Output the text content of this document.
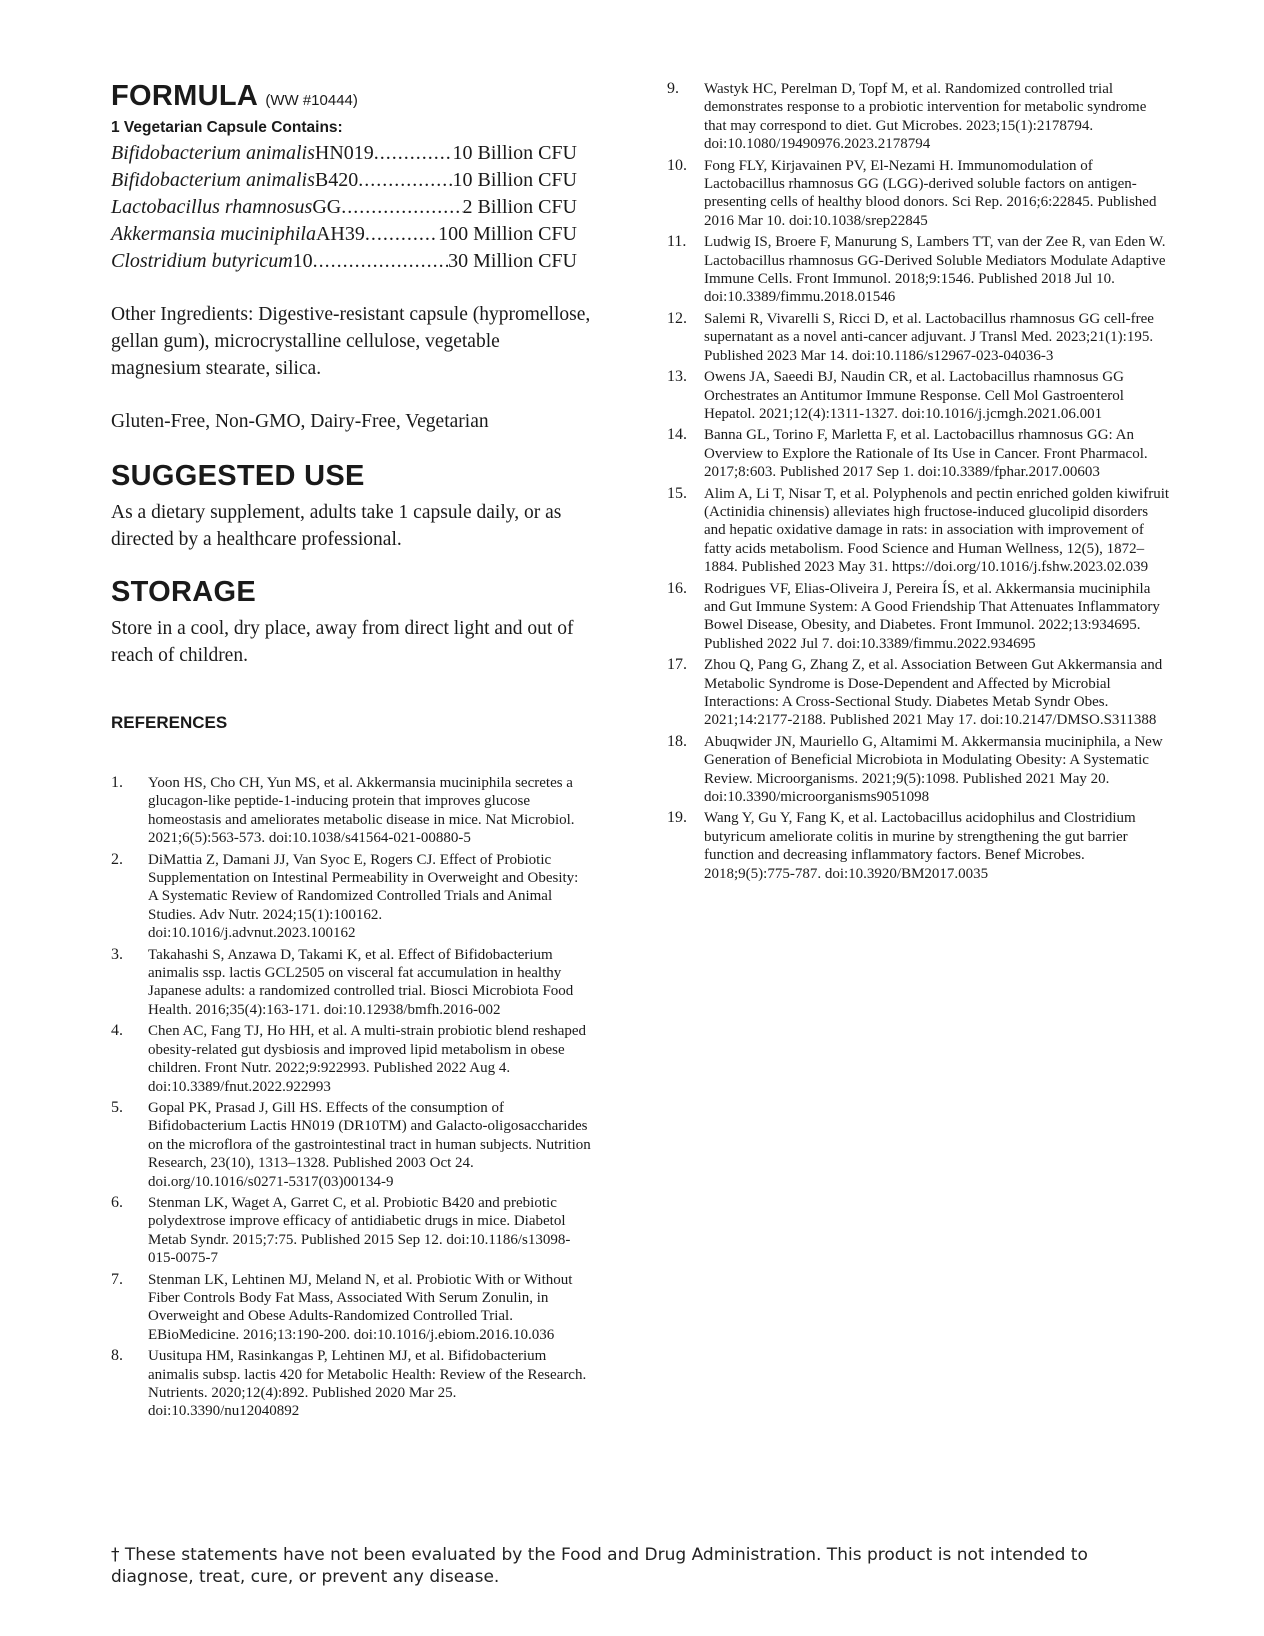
FORMULA (WW #10444)
1 Vegetarian Capsule Contains:
Bifidobacterium animalis HN019 .....	10 Billion CFU
Bifidobacterium animalis B420 .....	10 Billion CFU
Lactobacillus rhamnosus GG .....	2 Billion CFU
Akkermansia muciniphila AH39 .....	100 Million CFU
Clostridium butyricum 10 .....	30 Million CFU
Other Ingredients: Digestive-resistant capsule (hypromellose, gellan gum), microcrystalline cellulose, vegetable magnesium stearate, silica.
Gluten-Free, Non-GMO, Dairy-Free, Vegetarian
SUGGESTED USE
As a dietary supplement, adults take 1 capsule daily, or as directed by a healthcare professional.
STORAGE
Store in a cool, dry place, away from direct light and out of reach of children.
REFERENCES
1.	Yoon HS, Cho CH, Yun MS, et al. Akkermansia muciniphila secretes a glucagon-like peptide-1-inducing protein that improves glucose homeostasis and ameliorates metabolic disease in mice. Nat Microbiol. 2021;6(5):563-573. doi:10.1038/s41564-021-00880-5
2.	DiMattia Z, Damani JJ, Van Syoc E, Rogers CJ. Effect of Probiotic Supplementation on Intestinal Permeability in Overweight and Obesity: A Systematic Review of Randomized Controlled Trials and Animal Studies. Adv Nutr. 2024;15(1):100162. doi:10.1016/j.advnut.2023.100162
3.	Takahashi S, Anzawa D, Takami K, et al. Effect of Bifidobacterium animalis ssp. lactis GCL2505 on visceral fat accumulation in healthy Japanese adults: a randomized controlled trial. Biosci Microbiota Food Health. 2016;35(4):163-171. doi:10.12938/bmfh.2016-002
4.	Chen AC, Fang TJ, Ho HH, et al. A multi-strain probiotic blend reshaped obesity-related gut dysbiosis and improved lipid metabolism in obese children. Front Nutr. 2022;9:922993. Published 2022 Aug 4. doi:10.3389/fnut.2022.922993
5.	Gopal PK, Prasad J, Gill HS. Effects of the consumption of Bifidobacterium Lactis HN019 (DR10TM) and Galacto-oligosaccharides on the microflora of the gastrointestinal tract in human subjects. Nutrition Research, 23(10), 1313–1328. Published 2003 Oct 24. doi.org/10.1016/s0271-5317(03)00134-9
6.	Stenman LK, Waget A, Garret C, et al. Probiotic B420 and prebiotic polydextrose improve efficacy of antidiabetic drugs in mice. Diabetol Metab Syndr. 2015;7:75. Published 2015 Sep 12. doi:10.1186/s13098-015-0075-7
7.	Stenman LK, Lehtinen MJ, Meland N, et al. Probiotic With or Without Fiber Controls Body Fat Mass, Associated With Serum Zonulin, in Overweight and Obese Adults-Randomized Controlled Trial. EBioMedicine. 2016;13:190-200. doi:10.1016/j.ebiom.2016.10.036
8.	Uusitupa HM, Rasinkangas P, Lehtinen MJ, et al. Bifidobacterium animalis subsp. lactis 420 for Metabolic Health: Review of the Research. Nutrients. 2020;12(4):892. Published 2020 Mar 25. doi:10.3390/nu12040892
9.	Wastyk HC, Perelman D, Topf M, et al. Randomized controlled trial demonstrates response to a probiotic intervention for metabolic syndrome that may correspond to diet. Gut Microbes. 2023;15(1):2178794. doi:10.1080/19490976.2023.2178794
10.	Fong FLY, Kirjavainen PV, El-Nezami H. Immunomodulation of Lactobacillus rhamnosus GG (LGG)-derived soluble factors on antigen-presenting cells of healthy blood donors. Sci Rep. 2016;6:22845. Published 2016 Mar 10. doi:10.1038/srep22845
11.	Ludwig IS, Broere F, Manurung S, Lambers TT, van der Zee R, van Eden W. Lactobacillus rhamnosus GG-Derived Soluble Mediators Modulate Adaptive Immune Cells. Front Immunol. 2018;9:1546. Published 2018 Jul 10. doi:10.3389/fimmu.2018.01546
12.	Salemi R, Vivarelli S, Ricci D, et al. Lactobacillus rhamnosus GG cell-free supernatant as a novel anti-cancer adjuvant. J Transl Med. 2023;21(1):195. Published 2023 Mar 14. doi:10.1186/s12967-023-04036-3
13.	Owens JA, Saeedi BJ, Naudin CR, et al. Lactobacillus rhamnosus GG Orchestrates an Antitumor Immune Response. Cell Mol Gastroenterol Hepatol. 2021;12(4):1311-1327. doi:10.1016/j.jcmgh.2021.06.001
14.	Banna GL, Torino F, Marletta F, et al. Lactobacillus rhamnosus GG: An Overview to Explore the Rationale of Its Use in Cancer. Front Pharmacol. 2017;8:603. Published 2017 Sep 1. doi:10.3389/fphar.2017.00603
15.	Alim A, Li T, Nisar T, et al. Polyphenols and pectin enriched golden kiwifruit (Actinidia chinensis) alleviates high fructose-induced glucolipid disorders and hepatic oxidative damage in rats: in association with improvement of fatty acids metabolism. Food Science and Human Wellness, 12(5), 1872–1884. Published 2023 May 31. https://doi.org/10.1016/j.fshw.2023.02.039
16.	Rodrigues VF, Elias-Oliveira J, Pereira ÍS, et al. Akkermansia muciniphila and Gut Immune System: A Good Friendship That Attenuates Inflammatory Bowel Disease, Obesity, and Diabetes. Front Immunol. 2022;13:934695. Published 2022 Jul 7. doi:10.3389/fimmu.2022.934695
17.	Zhou Q, Pang G, Zhang Z, et al. Association Between Gut Akkermansia and Metabolic Syndrome is Dose-Dependent and Affected by Microbial Interactions: A Cross-Sectional Study. Diabetes Metab Syndr Obes. 2021;14:2177-2188. Published 2021 May 17. doi:10.2147/DMSO.S311388
18.	Abuqwider JN, Mauriello G, Altamimi M. Akkermansia muciniphila, a New Generation of Beneficial Microbiota in Modulating Obesity: A Systematic Review. Microorganisms. 2021;9(5):1098. Published 2021 May 20. doi:10.3390/microorganisms9051098
19.	Wang Y, Gu Y, Fang K, et al. Lactobacillus acidophilus and Clostridium butyricum ameliorate colitis in murine by strengthening the gut barrier function and decreasing inflammatory factors. Benef Microbes. 2018;9(5):775-787. doi:10.3920/BM2017.0035
† These statements have not been evaluated by the Food and Drug Administration. This product is not intended to diagnose, treat, cure, or prevent any disease.
